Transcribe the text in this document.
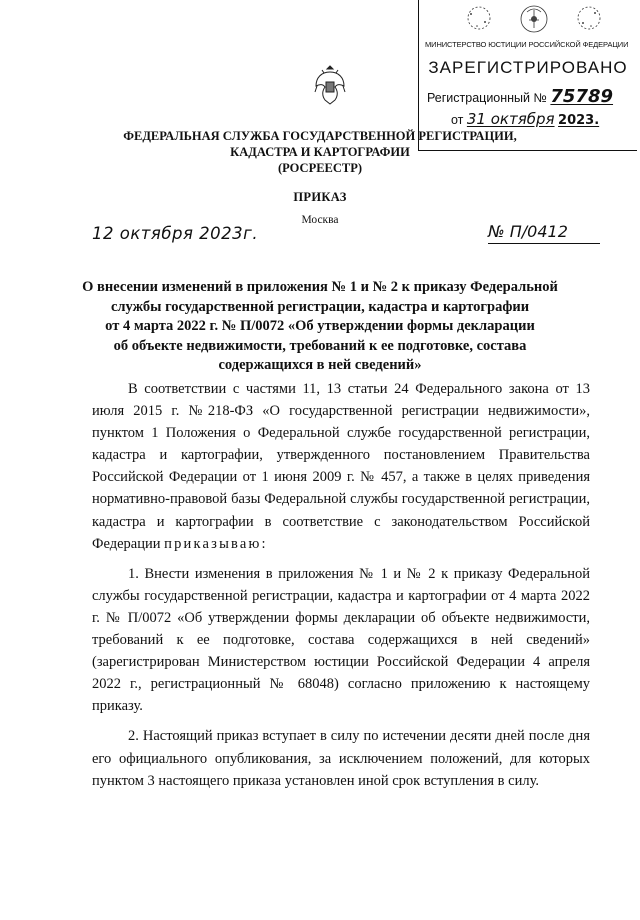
МИНИСТЕРСТВО ЮСТИЦИИ РОССИЙСКОЙ ФЕДЕРАЦИИ
ЗАРЕГИСТРИРОВАНО
Регистрационный № 75789
от 31 октября 2023.
ФЕДЕРАЛЬНАЯ СЛУЖБА ГОСУДАРСТВЕННОЙ РЕГИСТРАЦИИ,
КАДАСТРА И КАРТОГРАФИИ
(РОСРЕЕСТР)
ПРИКАЗ
Москва
12 октября 2023г.	№ П/0412
О внесении изменений в приложения № 1 и № 2 к приказу Федеральной
службы государственной регистрации, кадастра и картографии
от 4 марта 2022 г. № П/0072 «Об утверждении формы декларации
об объекте недвижимости, требований к ее подготовке, состава
содержащихся в ней сведений»

В соответствии с частями 11, 13 статьи 24 Федерального закона от 13 июля 2015 г. №218-ФЗ «О государственной регистрации недвижимости», пунктом 1 Положения о Федеральной службе государственной регистрации, кадастра и картографии, утвержденного постановлением Правительства Российской Федерации от 1 июня 2009 г. № 457, а также в целях приведения нормативно-правовой базы Федеральной службы государственной регистрации, кадастра и картографии в соответствие с законодательством Российской Федерации приказываю:

1. Внести изменения в приложения № 1 и № 2 к приказу Федеральной службы государственной регистрации, кадастра и картографии от 4 марта 2022 г. № П/0072 «Об утверждении формы декларации об объекте недвижимости, требований к ее подготовке, состава содержащихся в ней сведений» (зарегистрирован Министерством юстиции Российской Федерации 4 апреля 2022 г., регистрационный № 68048) согласно приложению к настоящему приказу.

2. Настоящий приказ вступает в силу по истечении десяти дней после дня его официального опубликования, за исключением положений, для которых пунктом 3 настоящего приказа установлен иной срок вступления в силу.
